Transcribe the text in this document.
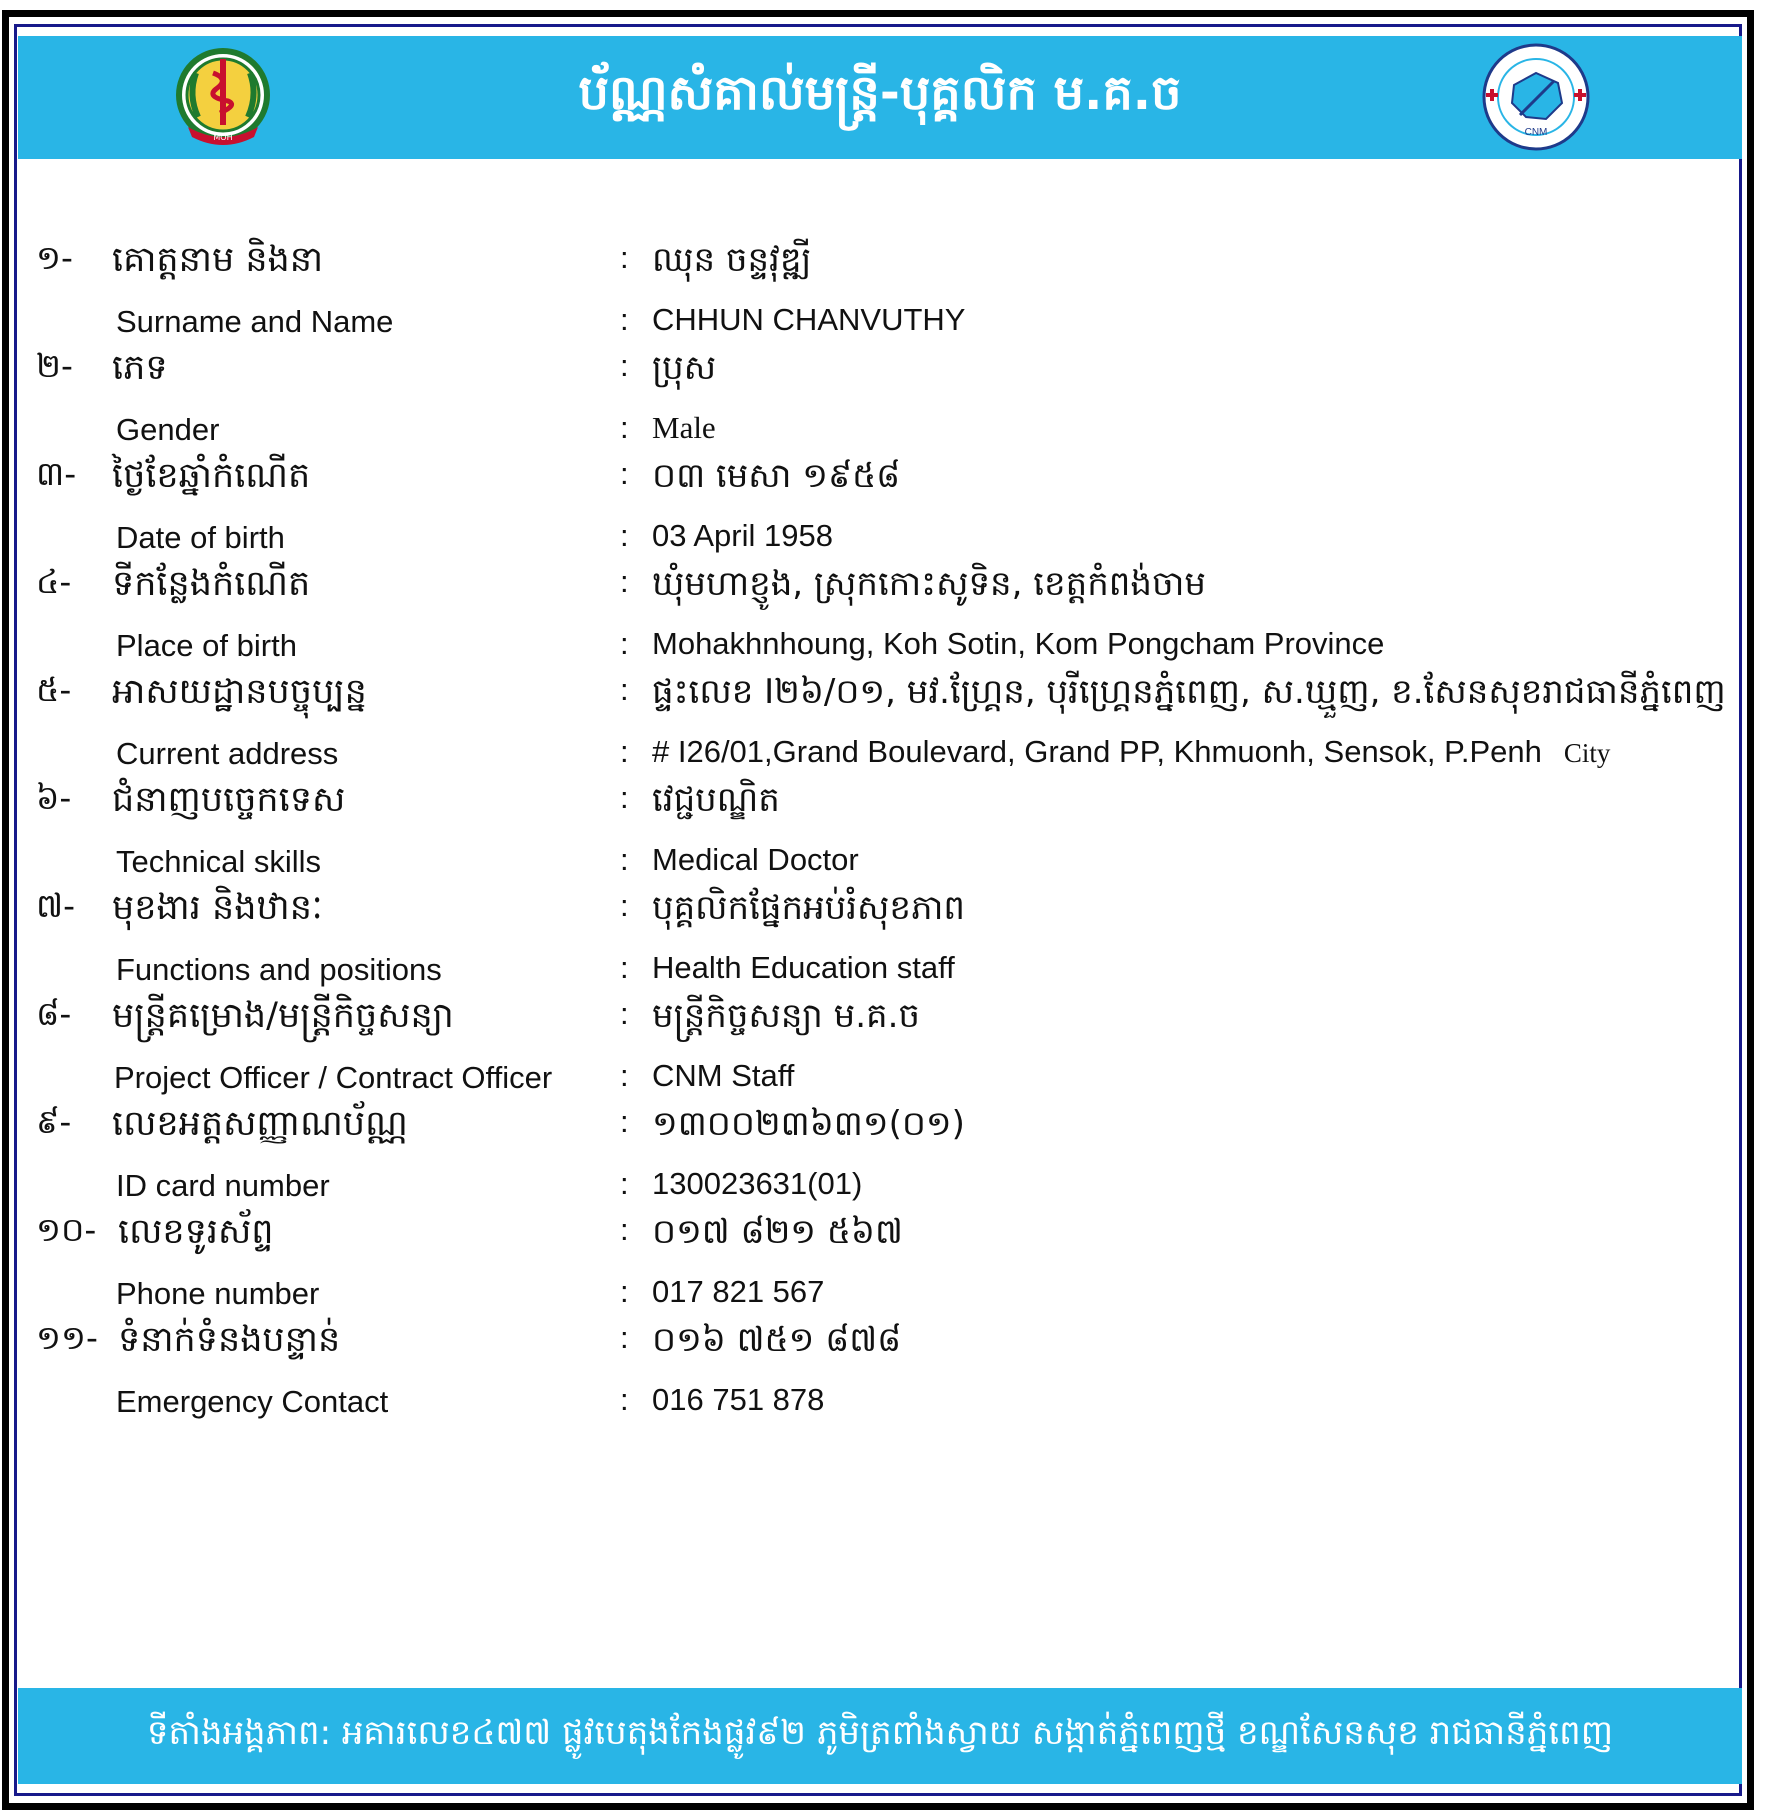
MOH
ប័ណ្ណសំគាល់មន្ត្រី-បុគ្គលិក ម.គ.ច
CNM
១- គោត្តនាម និងនា	: ឈុន ចន្ទវុឌ្ឍី
Surname and Name	: CHHUN CHANVUTHY
២- ភេទ	: ប្រុស
Gender	: Male
៣- ថ្ងៃខែឆ្នាំកំណើត	: ០៣ មេសា ១៩៥៨
Date of birth	: 03 April 1958
៤- ទីកន្លែងកំណើត	: ឃុំមហាខ្ញូង, ស្រុកកោះសូទិន, ខេត្តកំពង់ចាម
Place of birth	: Mohakhnhoung, Koh Sotin, Kom Pongcham Province
៥- អាសយដ្ឋានបច្ចុប្បន្ន	: ផ្ទះលេខ I២៦/០១, មវ.ហ្គ្រែន, បុរីហ្គ្រេនភ្នំពេញ, ស.ឃ្មួញ, ខ.សែនសុខរាជធានីភ្នំពេញ
Current address	: # I26/01,Grand Boulevard, Grand PP, Khmuonh, Sensok, P.Penh City
៦- ជំនាញបច្ចេកទេស	: វេជ្ជបណ្ឌិត
Technical skills	: Medical Doctor
៧- មុខងារ និងឋានៈ	: បុគ្គលិកផ្នែកអប់រំសុខភាព
Functions and positions	: Health Education staff
៨- មន្ត្រីគម្រោង/មន្ត្រីកិច្ចសន្យា	: មន្ត្រីកិច្ចសន្យា ម.គ.ច
Project Officer / Contract Officer : CNM Staff
៩- លេខអត្តសញ្ញាណប័ណ្ណ	: ១៣០០២៣៦៣១(០១)
ID card number	: 130023631(01)
១០- លេខទូរស័ព្ទ	: ០១៧ ៨២១ ៥៦៧
Phone number	: 017 821 567
១១- ទំនាក់ទំនងបន្ទាន់	: ០១៦ ៧៥១ ៨៧៨
Emergency Contact	: 016 751 878
ទីតាំងអង្គភាព: អគារលេខ៤៧៧ ផ្លូវបេតុងកែងផ្លូវ៩២ ភូមិត្រពាំងស្វាយ សង្កាត់ភ្នំពេញថ្មី ខណ្ឌសែនសុខ រាជធានីភ្នំពេញ
